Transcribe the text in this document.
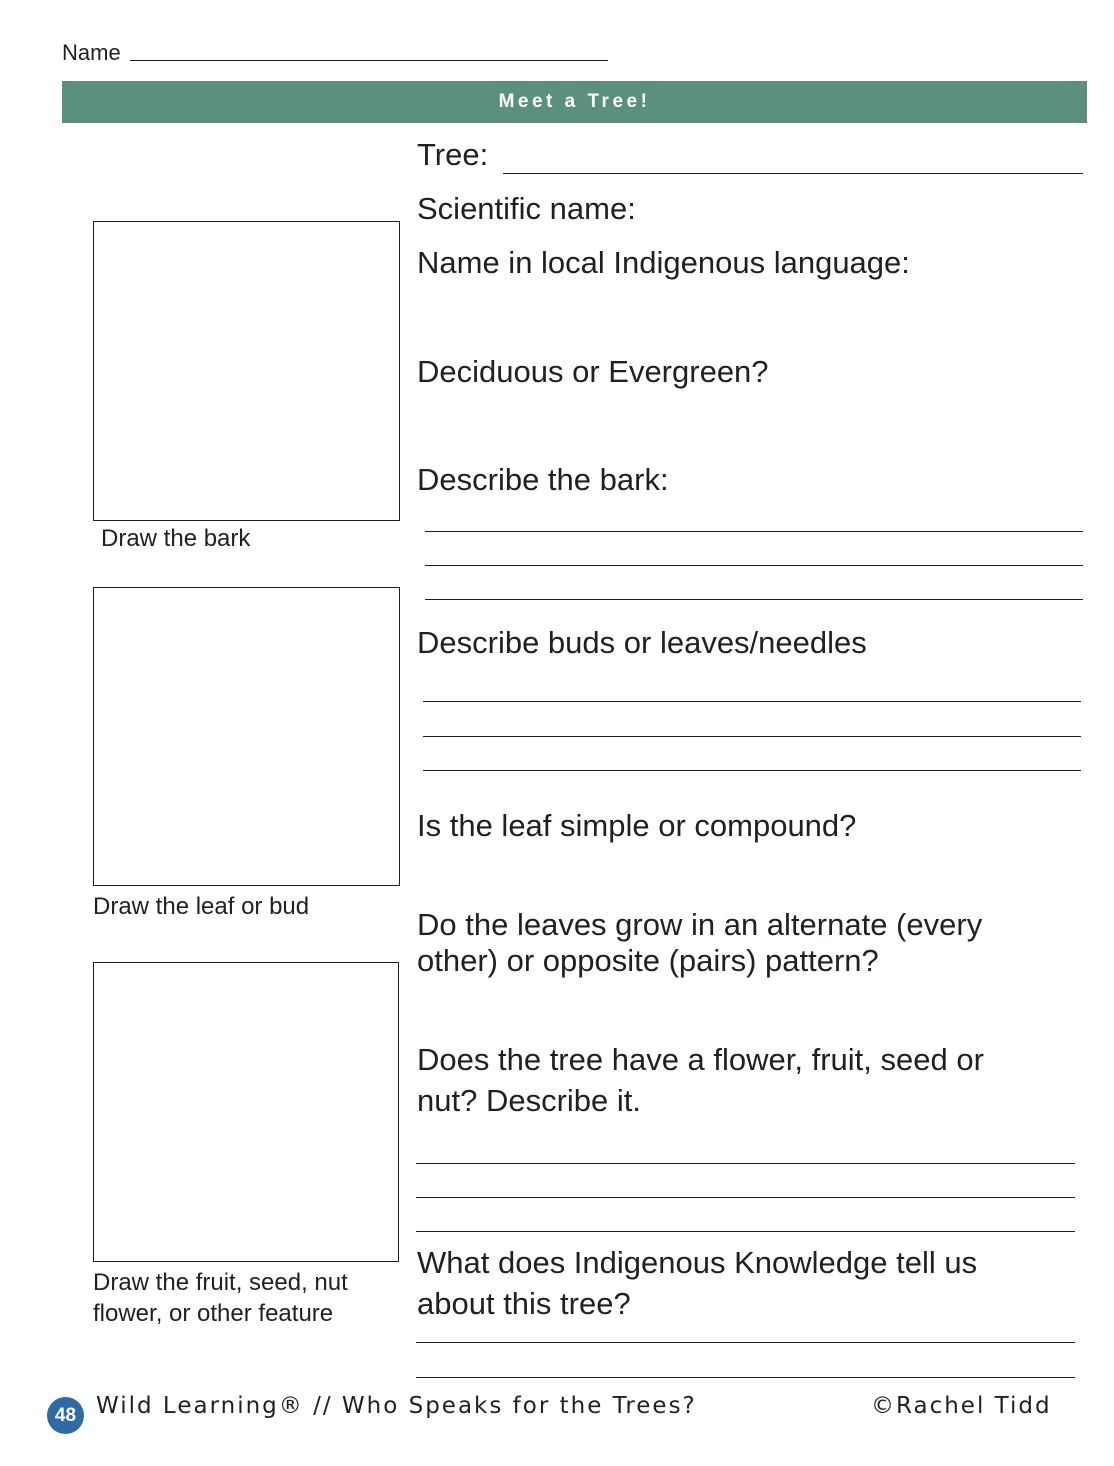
Name
Meet a Tree!
Draw the bark
Draw the leaf or bud
Draw the fruit, seed, nut
flower, or other feature
Tree:
Scientific name:
Name in local Indigenous language:
Deciduous or Evergreen?
Describe the bark:
Describe buds or leaves/needles
Is the leaf simple or compound?
Do the leaves grow in an alternate (every other) or opposite (pairs) pattern?
Does the tree have a flower, fruit, seed or
nut? Describe it.
What does Indigenous Knowledge tell us
about this tree?
48 Wild Learning® // Who Speaks for the Trees?	©Rachel Tidd
